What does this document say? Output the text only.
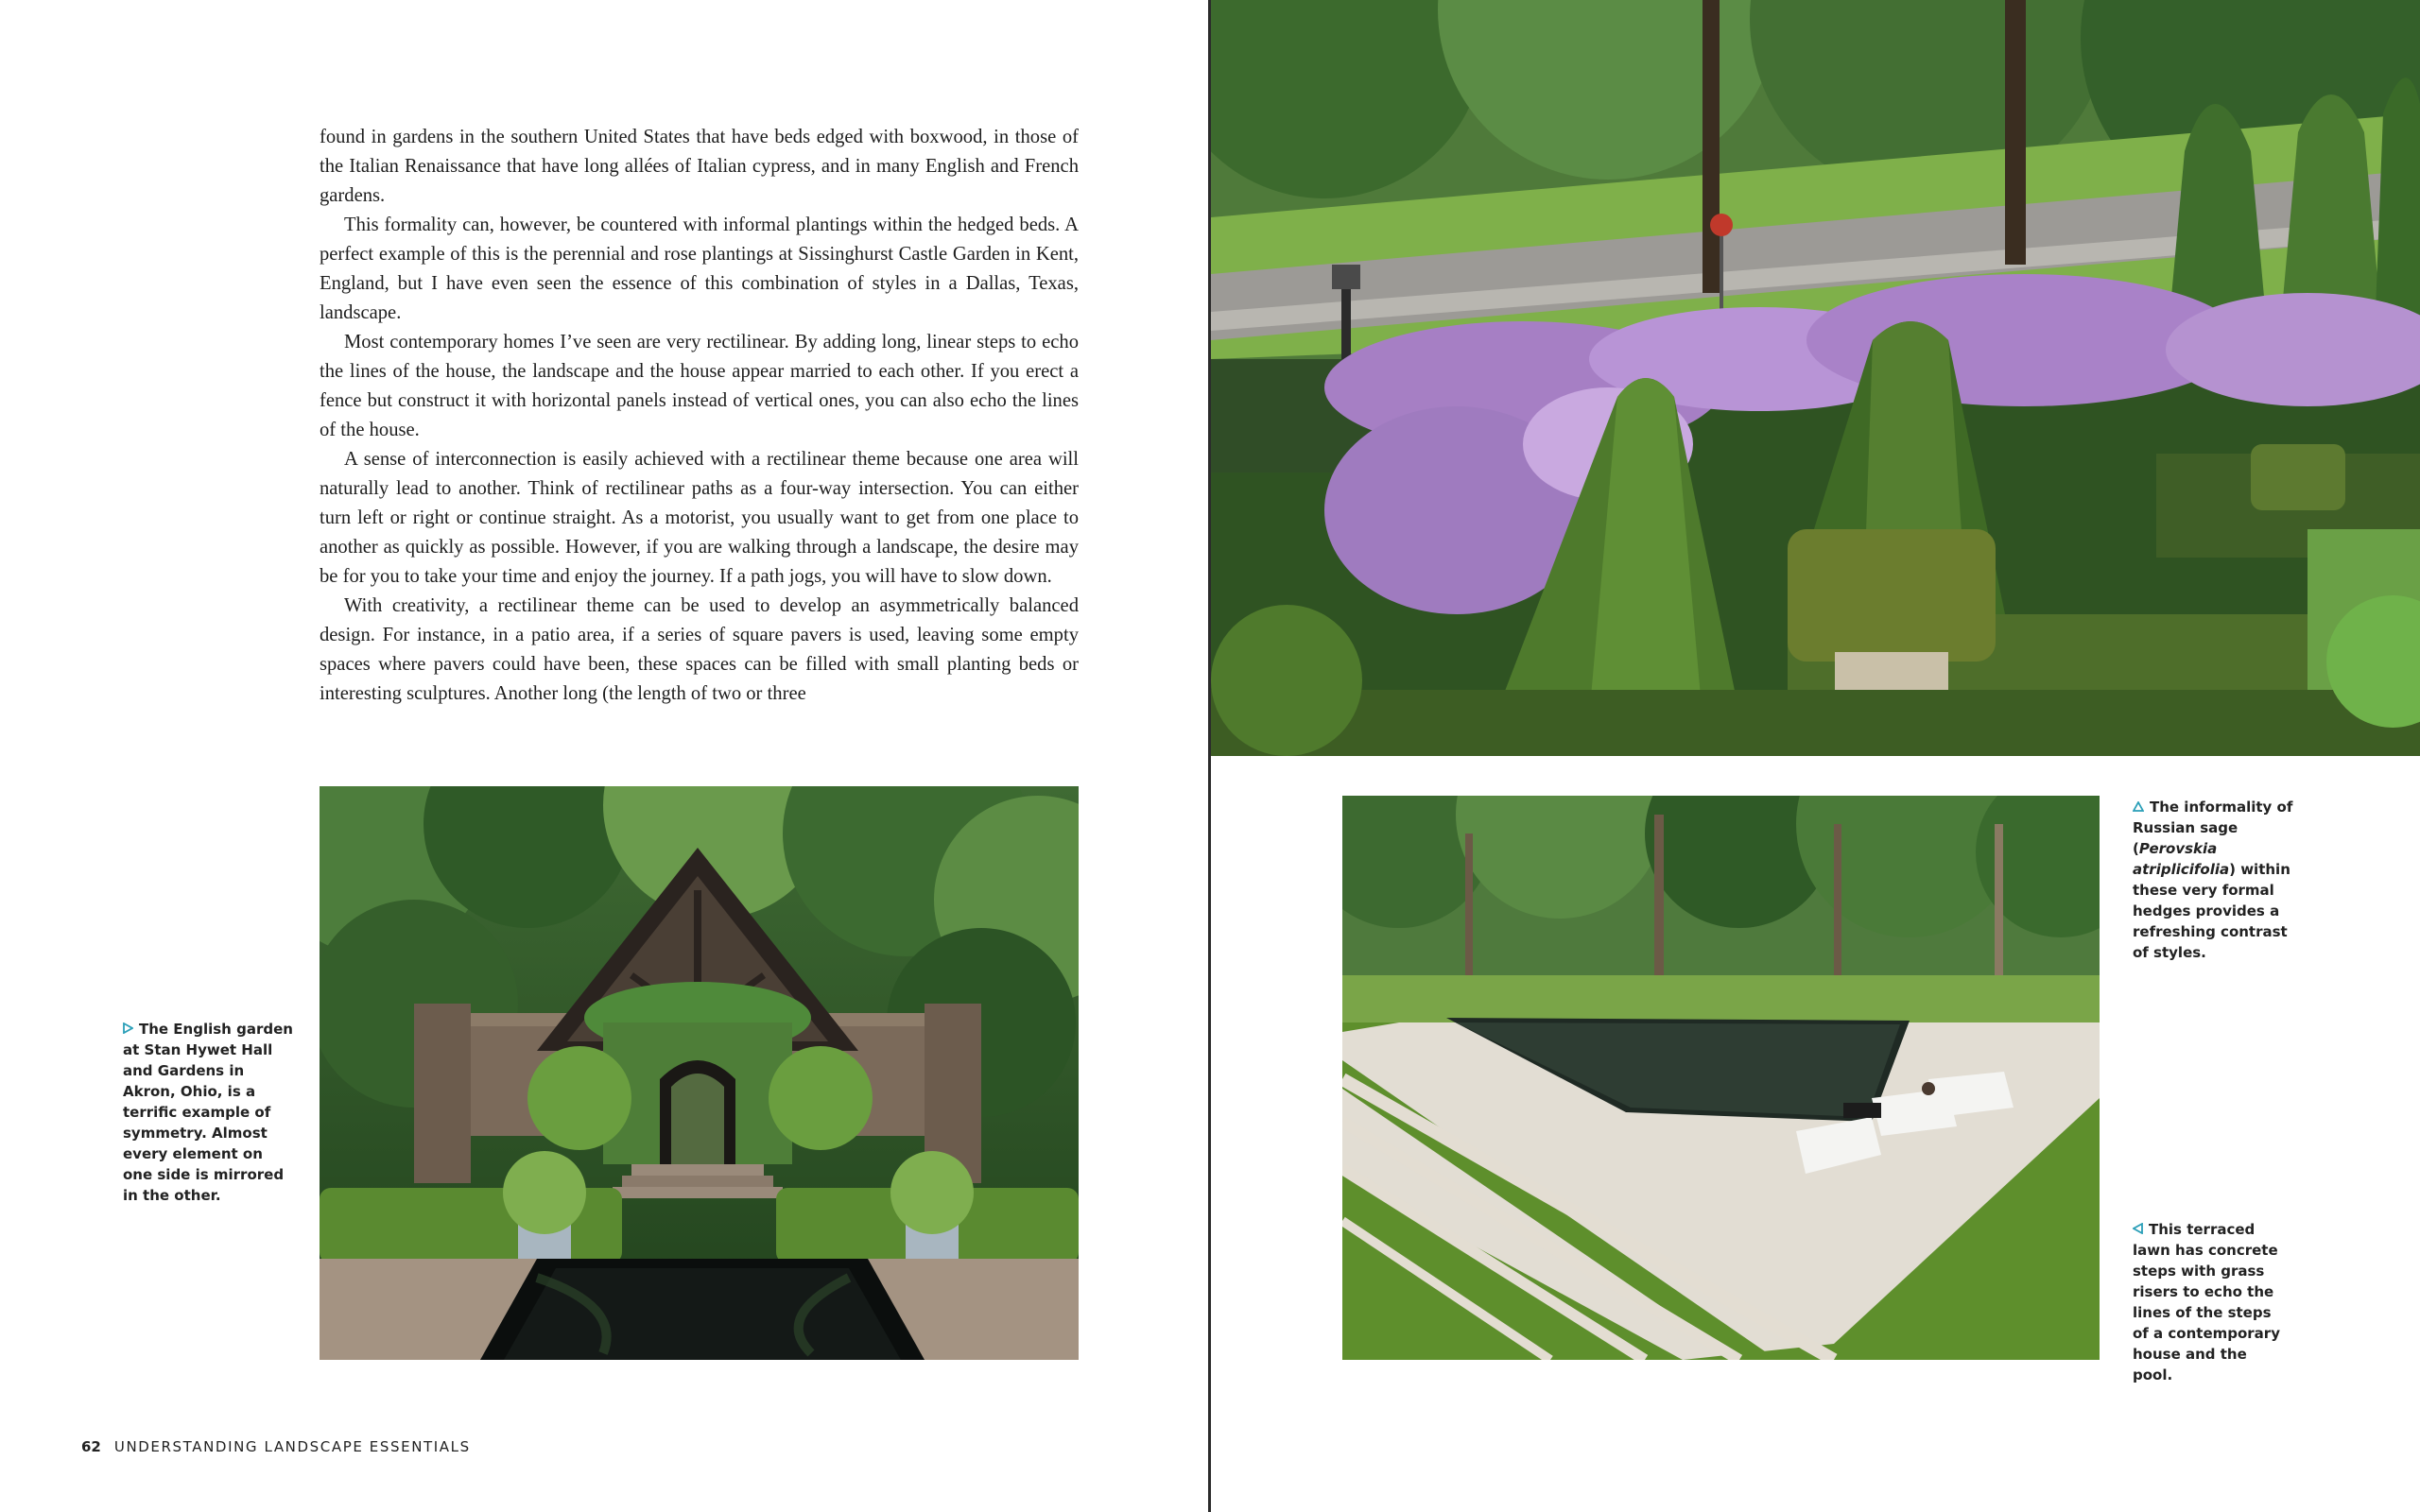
found in gardens in the southern United States that have beds edged with boxwood, in those of the Italian Renaissance that have long allées of Italian cypress, and in many English and French gardens.

This formality can, however, be countered with informal plantings within the hedged beds. A perfect example of this is the perennial and rose plantings at Sissinghurst Castle Garden in Kent, England, but I have even seen the essence of this combination of styles in a Dallas, Texas, landscape.

Most contemporary homes I’ve seen are very rectilinear. By adding long, linear steps to echo the lines of the house, the landscape and the house appear married to each other. If you erect a fence but construct it with horizontal panels instead of vertical ones, you can also echo the lines of the house.

A sense of interconnection is easily achieved with a rectilinear theme because one area will naturally lead to another. Think of rectilinear paths as a four-way intersection. You can either turn left or right or continue straight. As a motorist, you usually want to get from one place to another as quickly as possible. However, if you are walking through a landscape, the desire may be for you to take your time and enjoy the journey. If a path jogs, you will have to slow down.

With creativity, a rectilinear theme can be used to develop an asymmetrically balanced design. For instance, in a patio area, if a series of square pavers is used, leaving some empty spaces where pavers could have been, these spaces can be filled with small planting beds or interesting sculptures. Another long (the length of two or three

The English garden at Stan Hywet Hall and Gardens in Akron, Ohio, is a terrific example of symmetry. Almost every element on one side is mirrored in the other.
62 UNDERSTANDING LANDSCAPE ESSENTIALS
The informality of Russian sage (Perovskia atriplicifolia) within these very formal hedges provides a refreshing contrast of styles.
This terraced lawn has concrete steps with grass risers to echo the lines of the steps of a contemporary house and the pool.
